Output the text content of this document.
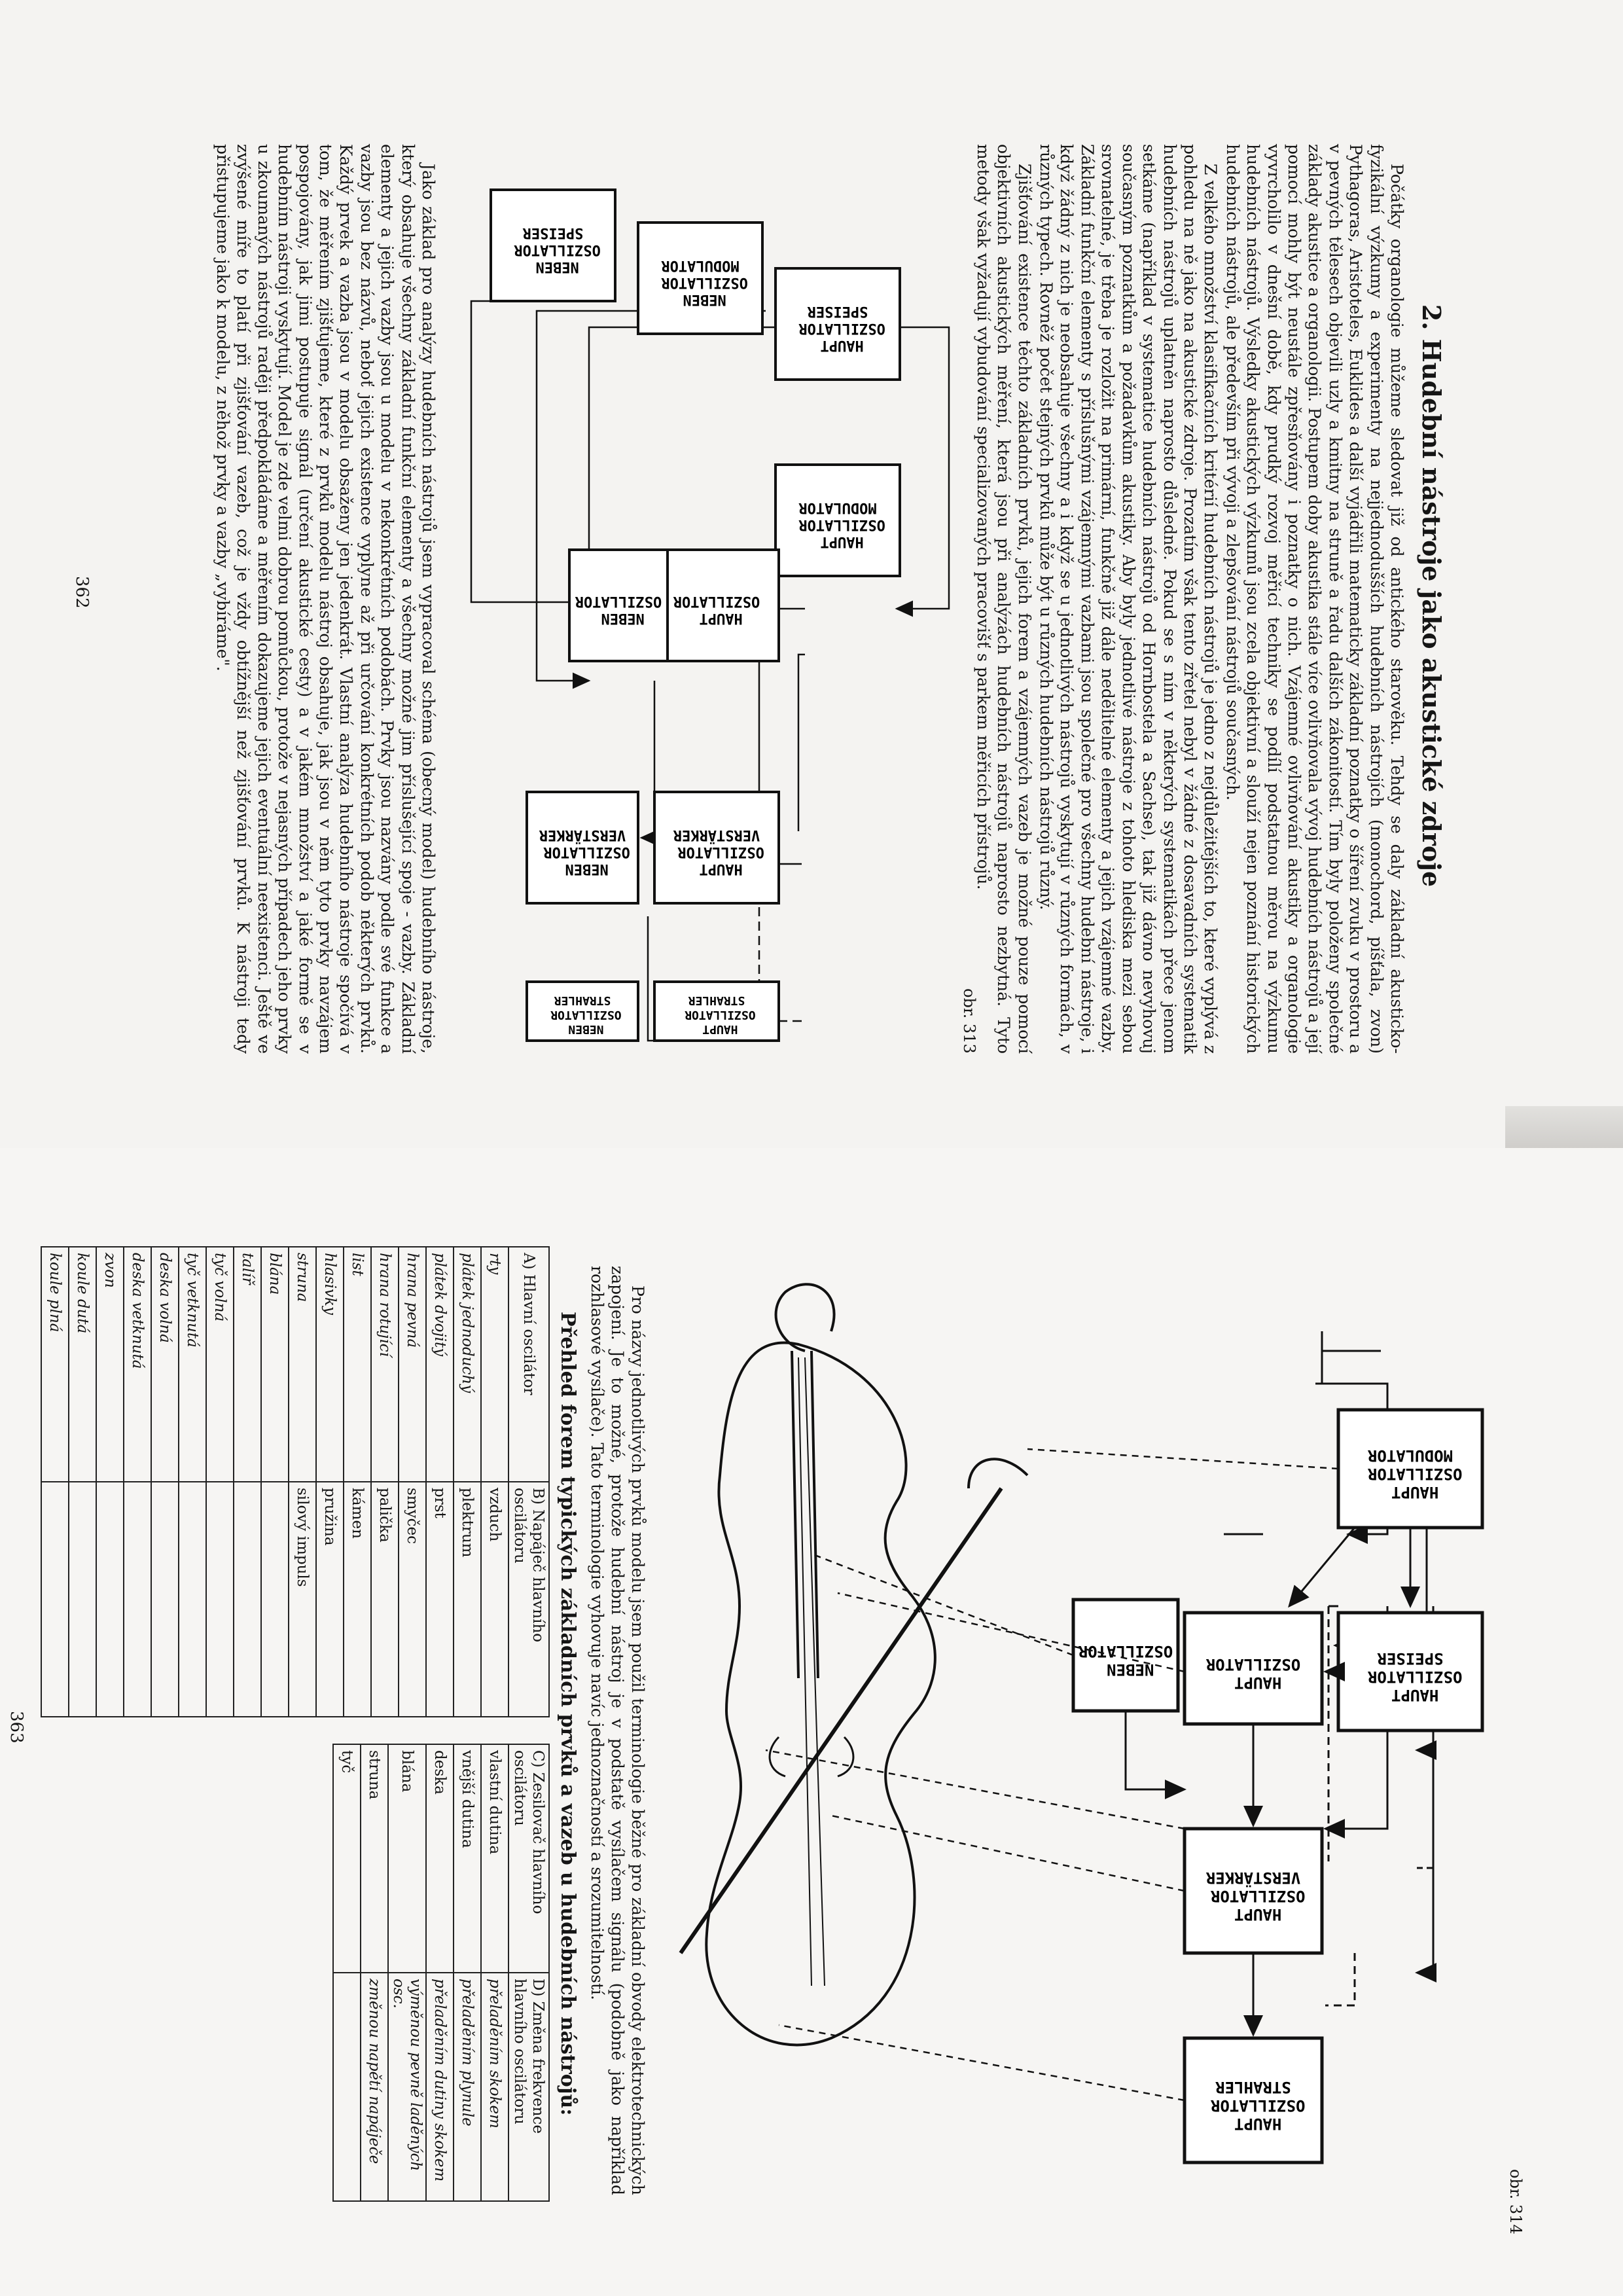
2. Hudební nástroje jako akustické zdroje

Počátky organologie můžeme sledovat již od antického starověku. Tehdy se daly základní akusticko-fyzikální výzkumy a experimenty na nejjednodušších hudebních nástrojích (monochord, píšťala, zvon) Pythagoras, Aristoteles, Euklides a další vyjádřili matematicky základní poznatky o šíření zvuku v prostoru a v pevných tělesech objevili uzly a kmitny na struně a řadu dalších zákonitostí. Tím byly položeny společné základy akustice a organologii. Postupem doby akustika stále více ovlivňovala vývoj hudebních nástrojů a její pomocí mohly být neustále zpřesňovány i poznatky o nich. Vzájemné ovlivňování akustiky a organologie vyvrcholilo v dnešní době, kdy prudký rozvoj měřicí techniky se podílí podstatnou měrou na výzkumu hudebních nástrojů. Výsledky akustických výzkumů jsou zcela objektivní a slouží nejen poznání historických hudebních nástrojů, ale především při vývoji a zlepšování nástrojů současných.

Z velkého množství klasifikačních kritérií hudebních nástrojů je jedno z nejdůležitějších to, které vyplývá z pohledu na ně jako na akustické zdroje. Prozatím však tento zřetel nebyl v žádné z dosavadních systematik hudebních nástrojů uplatněn naprosto důsledně. Pokud se s ním v některých systematikách přece jenom setkáme (například v systematice hudebních nástrojů od Hornbostela a Sachse), tak již dávno nevyhovuj současným poznatkům a požadavkům akustiky. Aby byly jednotlivé nástroje z tohoto hlediska mezi sebou srovnatelné, je třeba je rozložit na primární, funkčně již dále nedělitelné elementy a jejich vzájemné vazby. Základní funkční elementy s příslušnými vzájemnými vazbami jsou společné pro všechny hudební nástroje, i když žádný z nich je neobsahuje všechny a i když se u jednotlivých nástrojů vyskytují v různých formách, v různých typech. Rovněž počet stejných prvků může být u různých hudebních nástrojů různý.

Zjišťování existence těchto základních prvků, jejich forem a vzájemných vazeb je možné pouze pomocí objektivních akustických měření, která jsou při analýzách hudebních nástrojů naprosto nezbytná. Tyto metody však vyžadují vybudování specializovaných pracovišť s parkem měřicích přístrojů.

obr. 313
HAUPT OSZILLATOR SPEISER
HAUPT OSZILLATOR MODULATOR
NEBEN OSZILLATOR MODULATOR
NEBEN OSZILLATOR SPEISER
HAUPT OSZILLATOR
NEBEN OSZILLATOR
HAUPT OSZILLATOR VERSTÄRKER
NEBEN OSZILLATOR VERSTÄRKER
HAUPT OSZILLATOR STRAHLER
NEBEN OSZILLATOR STRAHLER

Jako základ pro analýzy hudebních nástrojů jsem vypracoval schéma (obecný model) hudebního nástroje, který obsahuje všechny základní funkční elementy a všechny možné jim příslušející spoje - vazby. Základní elementy a jejich vazby jsou u modelu v nekonkrétních podobách. Prvky jsou nazvány podle své funkce a vazby jsou bez názvů, neboť jejich existence vyplyne až při určování konkrétních podob některých prvků. Každý prvek a vazba jsou v modelu obsaženy jen jedenkrát. Vlastní analýza hudebního nástroje spočívá v tom, že měřením zjišťujeme, které z prvků modelu nástroj obsahuje, jak jsou v něm tyto prvky navzájem pospojovány, jak jimi postupuje signál (určení akustické cesty) a v jakém množství a jaké formě se v hudebním nástroji vyskytují. Model je zde velmi dobrou pomůckou, protože v nejasných případech jeho prvky u zkoumaných nástrojů raději předpokládáme a měřením dokazujeme jejich eventuální neexistenci. Ještě ve zvýšené míře to platí při zjišťování vazeb, což je vždy obtížnější než zjišťování prvků. K nástroji tedy přistupujeme jako k modelu, z něhož prvky a vazby „vybíráme".

362
obr. 314
HAUPT OSZILLATOR MODULATOR
HAUPT OSZILLATOR SPEISER
HAUPT OSZILLATOR
NEBEN OSZILLATOR
HAUPT OSZILLATOR VERSTÄRKER
HAUPT OSZILLATOR STRAHLER

Pro názvy jednotlivých prvků modelu jsem použil terminologie běžné pro základní obvody elektrotechnických zapojení. Je to možné, protože hudební nástroj je v podstatě vysílačem signálu (podobně jako například rozhlasové vysílače). Tato terminologie vyhovuje navíc jednoznačností a srozumitelností.

Přehled forem typických základních prvků a vazeb u hudebních nástrojů:
A) Hlavní oscilátor	B) Napáječ hlavního oscilátoru
rty	vzduch
plátek jednoduchý	plektrum
plátek dvojitý	prst
hrana pevná	smyčec
hrana rotující	palička
list	kámen
hlasivky	pružina
struna	silový impuls
blána	
talíř	
tyč volná	
tyč vetknutá	
deska volná	
deska vetknutá	
zvon	
koule dutá	
koule plná	
C) Zesilovač hlavního oscilátoru	D) Změna frekvence hlavního oscilátoru
vlastní dutina	přeladěním skokem
vnější dutina	přeladěním plynule
deska	přeladěním dutiny skokem
blána	výměnou pevně laděných osc.
struna	změnou napětí napáječe
tyč	
363
